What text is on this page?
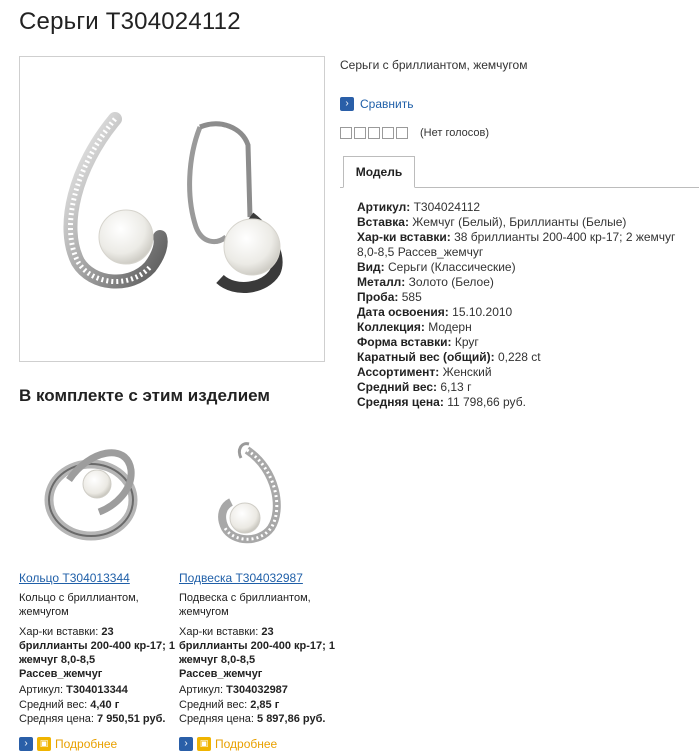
Серьги Т304024112
Серьги с бриллиантом, жемчугом
› Сравнить
(Нет голосов)
Модель

Артикул: Т304024112

Вставка: Жемчуг (Белый), Бриллианты (Белые)

Хар-ки вставки: 38 бриллианты 200-400 кр-17; 2 жемчуг 8,0-8,5 Рассев_жемчуг

Вид: Серьги (Классические)

Металл: Золото (Белое)

Проба: 585

Дата освоения: 15.10.2010

Коллекция: Модерн

Форма вставки: Круг

Каратный вес (общий): 0,228 ct

Ассортимент: Женский

Средний вес: 6,13 г

Средняя цена: 11 798,66 руб.

В комплекте с этим изделием
Кольцо Т304013344
Кольцо с бриллиантом, жемчугом
Хар-ки вставки: 23 бриллианты 200-400 кр-17; 1 жемчуг 8,0-8,5 Рассев_жемчуг
Артикул: Т304013344
Средний вес: 4,40 г
Средняя цена: 7 950,51 руб.
›	▣ Подробнее
Подвеска Т304032987
Подвеска с бриллиантом, жемчугом
Хар-ки вставки: 23 бриллианты 200-400 кр-17; 1 жемчуг 8,0-8,5 Рассев_жемчуг
Артикул: Т304032987
Средний вес: 2,85 г
Средняя цена: 5 897,86 руб.
›	▣ Подробнее
